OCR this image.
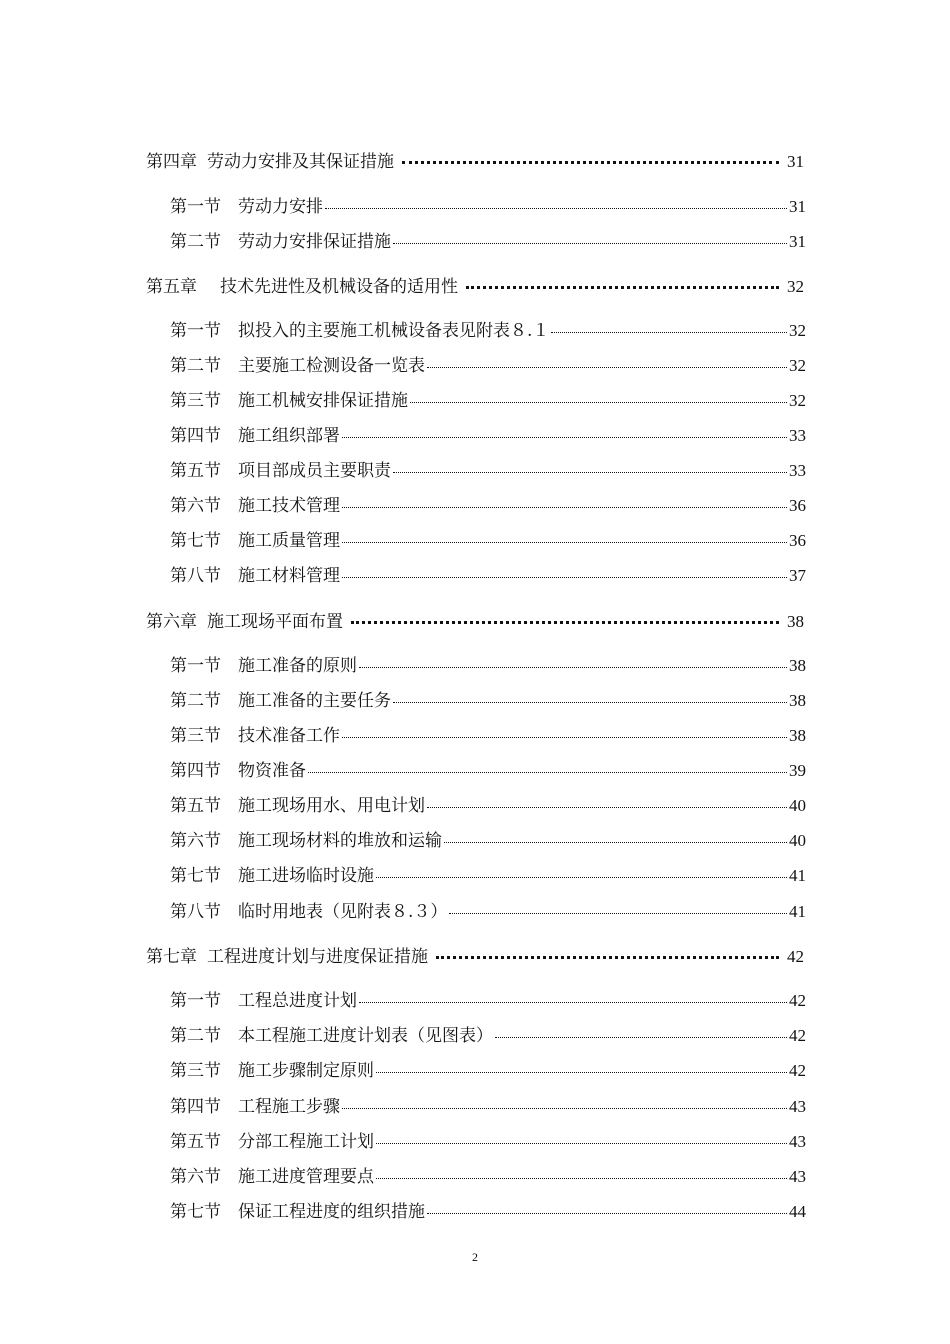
第四章 劳动力安排及其保证措施	31
第一节 劳动力安排	31
第二节 劳动力安排保证措施	31
第五章 　技术先进性及机械设备的适用性	32
第一节 拟投入的主要施工机械设备表见附表８.１	32
第二节 主要施工检测设备一览表	32
第三节 施工机械安排保证措施	32
第四节 施工组织部署	33
第五节 项目部成员主要职责	33
第六节 施工技术管理	36
第七节 施工质量管理	36
第八节 施工材料管理	37
第六章 施工现场平面布置	38
第一节 施工准备的原则	38
第二节 施工准备的主要任务	38
第三节 技术准备工作	38
第四节 物资准备	39
第五节 施工现场用水、用电计划	40
第六节 施工现场材料的堆放和运输	40
第七节 施工进场临时设施	41
第八节 临时用地表（见附表８.３）	41
第七章 工程进度计划与进度保证措施	42
第一节 工程总进度计划	42
第二节 本工程施工进度计划表（见图表）	42
第三节 施工步骤制定原则	42
第四节 工程施工步骤	43
第五节 分部工程施工计划	43
第六节 施工进度管理要点	43
第七节 保证工程进度的组织措施	44
2
